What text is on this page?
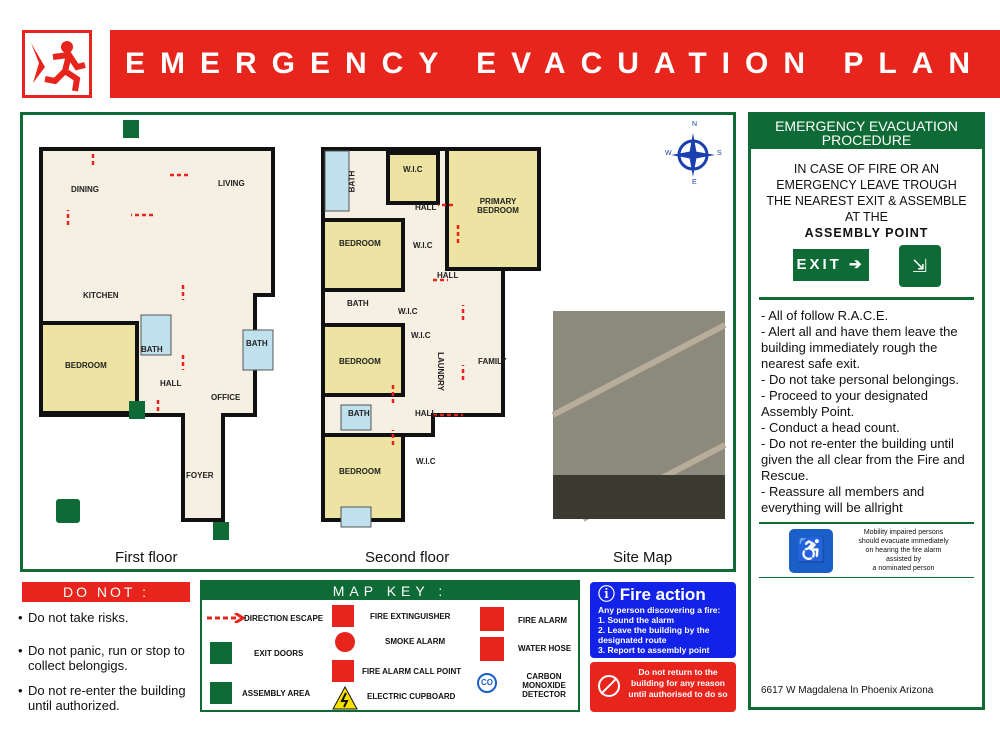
EMERGENCY EVACUATION PLAN
DINING
LIVING
KITCHEN
BEDROOM
BATH
HALL
BATH
OFFICE
FOYER
BATH
W.I.C
HALL
PRIMARY BEDROOM
BEDROOM	W.I.C
HALL
BATH
W.I.C
W.I.C
BEDROOM	LAUNDRY	FAMILY
BATH	HALL
BEDROOM
W.I.C
N
E
W	S
First floor	Second floor	Site Map
EMERGENCY EVACUATION
PROCEDURE
IN CASE OF FIRE OR AN
EMERGENCY LEAVE TROUGH
THE NEAREST EXIT & ASSEMBLE
AT THE
ASSEMBLY POINT
EXIT ➔	⇲
- All of follow R.A.C.E.
- Alert all and have them leave the building immediately rough the nearest safe exit.
- Do not take personal belongings.
- Proceed to your designated Assembly Point.
- Conduct a head count.
- Do not re-enter the building until given the all clear from the Fire and Rescue.
- Reassure all members and everything will be allright
♿
Mobility impaired persons
should evacuate immediately
on hearing the fire alarm
assisted by
a nominated person
6617 W Magdalena ln Phoenix Arizona
DO NOT :
• Do not take risks.
• Do not panic, run or stop to collect belongigs.
• Do not re-enter the building until authorized.
MAP KEY :
DIRECTION ESCAPE
EXIT DOORS
ASSEMBLY AREA
FIRE EXTINGUISHER
SMOKE ALARM
FIRE ALARM CALL POINT
ELECTRIC CUPBOARD
FIRE ALARM
WATER HOSE
CO
CARBON MONOXIDE DETECTOR
ⓘ Fire action
Any person discovering a fire:
1. Sound the alarm
2. Leave the building by the designated route
3. Report to assembly point
Do not return to the building for any reason until authorised to do so
